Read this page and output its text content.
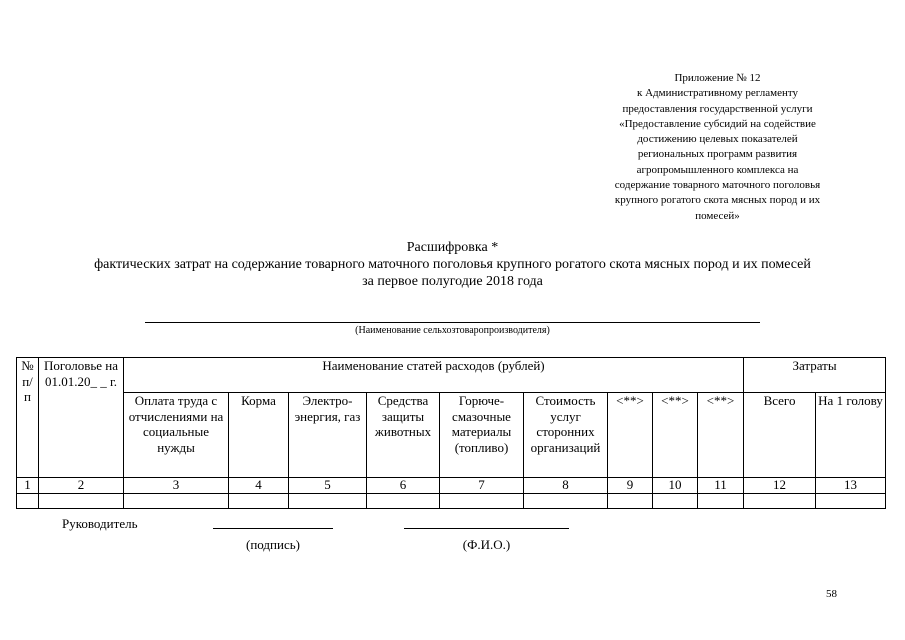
Приложение № 12
к Административному регламенту
предоставления государственной услуги
«Предоставление субсидий на содействие
достижению целевых показателей
региональных программ развития
агропромышленного комплекса на
содержание товарного маточного поголовья
крупного рогатого скота мясных пород и их
помесей»
Расшифровка *
фактических затрат на содержание товарного маточного поголовья крупного рогатого скота мясных пород и их помесей
за первое полугодие 2018 года
(Наименование сельхозтоваропроизводителя)
№ п/п	Поголовье на 01.01.20_ _ г.	Наименование статей расходов (рублей)									Затраты	
		Оплата труда с отчислениями на социальные нужды	Корма	Электро-энергия, газ	Средства защиты животных	Горюче-смазочные материалы (топливо)	Стоимость услуг сторонних организаций	<**>	<**>	<**>	Всего	На 1 голову
1	2	3	4	5	6	7	8	9	10	11	12	13

Руководитель
(подпись)	(Ф.И.О.)
58
